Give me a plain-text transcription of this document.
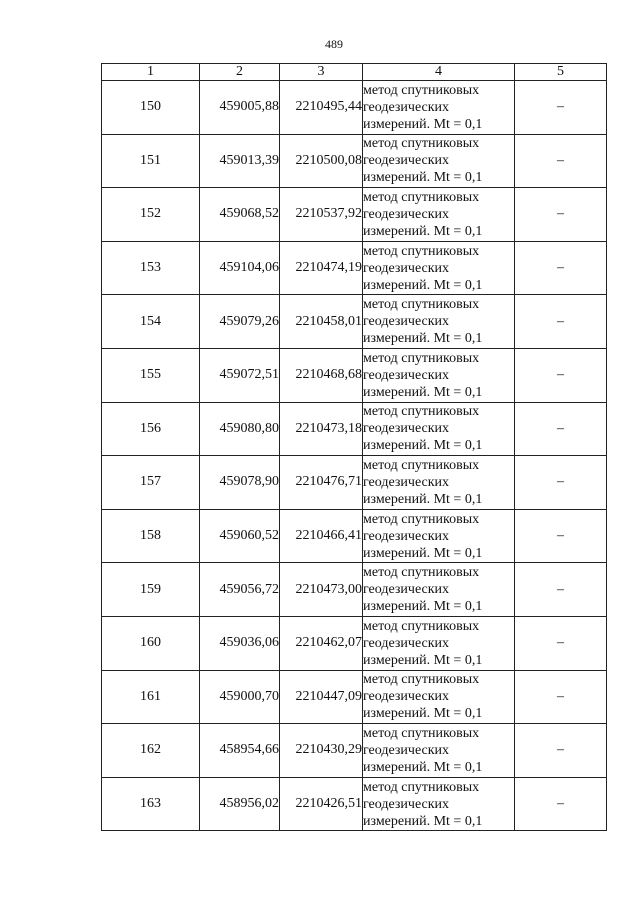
489
1	2	3	4	5
150	459005,88	2210495,44	метод спутниковых
геодезических
измерений. Mt = 0,1	–
151	459013,39	2210500,08	метод спутниковых
геодезических
измерений. Mt = 0,1	–
152	459068,52	2210537,92	метод спутниковых
геодезических
измерений. Mt = 0,1	–
153	459104,06	2210474,19	метод спутниковых
геодезических
измерений. Mt = 0,1	–
154	459079,26	2210458,01	метод спутниковых
геодезических
измерений. Mt = 0,1	–
155	459072,51	2210468,68	метод спутниковых
геодезических
измерений. Mt = 0,1	–
156	459080,80	2210473,18	метод спутниковых
геодезических
измерений. Mt = 0,1	–
157	459078,90	2210476,71	метод спутниковых
геодезических
измерений. Mt = 0,1	–
158	459060,52	2210466,41	метод спутниковых
геодезических
измерений. Mt = 0,1	–
159	459056,72	2210473,00	метод спутниковых
геодезических
измерений. Mt = 0,1	–
160	459036,06	2210462,07	метод спутниковых
геодезических
измерений. Mt = 0,1	–
161	459000,70	2210447,09	метод спутниковых
геодезических
измерений. Mt = 0,1	–
162	458954,66	2210430,29	метод спутниковых
геодезических
измерений. Mt = 0,1	–
163	458956,02	2210426,51	метод спутниковых
геодезических
измерений. Mt = 0,1	–
